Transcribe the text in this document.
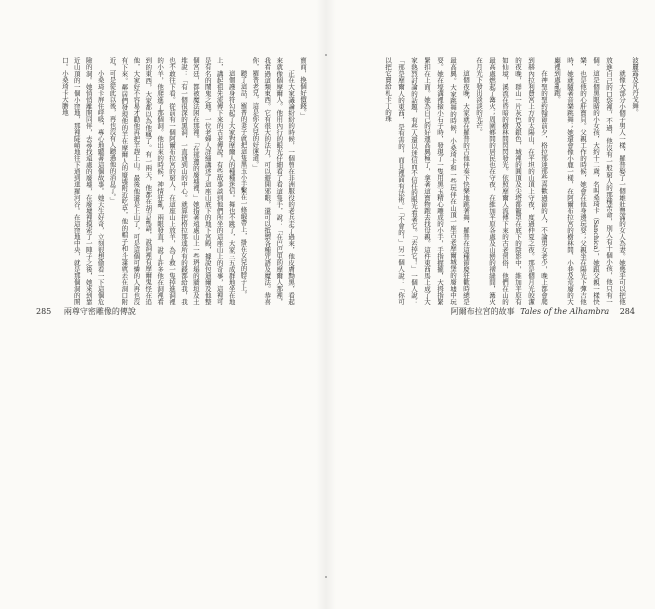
波麗露及凡丹戈舞。

就像大部分小個子男人一樣，羅普娶了一個雄壯豐滿的女人為妻。她幾乎可以把他放進自己的口袋裡，不過，他沒有一般窮人的那種苦命，別人有十個小孩，他只有一個。這是個黑眼睛的小女孩，大約十二歲，名叫桑琦卡（Sanchica），她跟父親一樣快樂，也是他的心肝寶貝。父親工作的時候，她會在他身邊玩耍；父親坐在陽光下彈吉他時，她就隨著音樂跳舞；她還會像小鹿一樣，在阿爾布拉宮的樹林間、小巷及荒廢的大廳裡到處亂跑。

在神聖的聖約翰節前夕，格拉那達那些喜歡過節的人，不論男女老少，晚上都會爬到赫內拉利費宮上方的太陽山，在平坦的山頂上守夜，度過仲夏之夜。那是個月光皎潔的夜晚，群山一片灰色及銀色，城裡的圓頂及尖塔都籠罩在底下的陰影中，維加平原有如仙境，溪流在昏暗的樹林間閃閃發光。依照摩爾人流傳下來的古老習俗，他們在山的最高處燃起了篝火；周圍鄉間的居民也在守夜，在維加平原各處及山巒的褶縫間，篝火在月光下發出淡淡的光芒。

這個夜晚，大家就在羅普的吉他伴奏下快樂地跳著舞，羅普在這種節慶狂歡時總是最高興。大家跳舞的時候，小桑琦卡和一些玩伴在山頂一座古老摩爾城堡的廢墟中玩耍。她在壕溝裡撿小石子時，發現了一隻用黑玉精心雕成的小手，手指握攏，大拇指緊緊扣在上面。她為自己的好運高興極了，拿著這寶物跑去找母親。這件東西馬上成了大家熱烈討論的話題，有些人還以迷信而不信任的眼光看著它。「丟掉它！」一個人說：「那是摩爾人的東西，是有害的，而且裡面有法術。」「不會的，」另一個人說：「你可以把它賣給札卡丁的珠

寶商，換個好價錢。」

正在大家議論紛紛的時候，一個曾在非洲服役的老兵走了過來，他皮膚黝黑，看起來就像個摩爾人。他用內行的眼光仔細看了看這隻手，說：「在巴巴里的摩爾人那裡，我看過這類東西。它有很大的法力，可以避開邪眼，還可以抵禦各種咒語及魔法。恭喜你，羅普老兄，這是你女兒的好運道。」

聽了這話，羅普的妻子就把這隻黑玉小手繫在一條緞帶上，掛在女兒的脖子上。

這個護身符勾起了大家對摩爾人的種種迷信。舞也不跳了，大家三五成群地坐在地上，講起祖先流傳下來的古老傳說。有些故事談到他們所坐的這座山上的奇事，這裡可是有名的鬧鬼之地。一位老婦人詳細講述了這座山底下的地下宮殿，據說包迪爾及他整個宮廷，都被魔法困在那裡。「在那邊的廢墟裡，」她指著遠處山上一些坍塌的牆垣及土堆說：「有一個很深的黑洞，一直通到山的中心。就算把格拉那達所有的錢都給我，我也不敢往下看。從前有一個阿爾布拉宮的窮人，在這座山上放羊，為了救一隻掉進洞裡的小羊，他爬進了那個洞。他出來的時候，神情狂亂，兩眼發直，說了許多他在洞裡看到的東西，大家都以為他瘋了。有一兩天，他都在胡言亂語，說洞裡有摩爾鬼怪在追他，大家好不容易才勸他再把羊趕上山。最後他還是上山了，可是這個可憐的人再也沒有下來。鄰居們發現他的羊在摩爾人的廢墟附近吃草，他的帽子和斗篷就丟在洞口附近，可是從此以後，再也沒有人聽過他的消息了。」

小桑琦卡屏住呼吸，專心地聽著這個故事。她天生好奇，立刻很想偷看一下這個危險的洞。她悄悄離開同伴，去尋找遠處的廢墟，在廢墟裡摸索了一陣子之後，她來到靠近山頂的一個小窪地，那裡陡峭地往下通到達羅河谷。在這窪地中央，就是那個洞的開口。小桑琦卡大膽地

285 兩尊守密雕像的傳說	阿爾布拉宮的故事 Tales of the Alhambra 284
